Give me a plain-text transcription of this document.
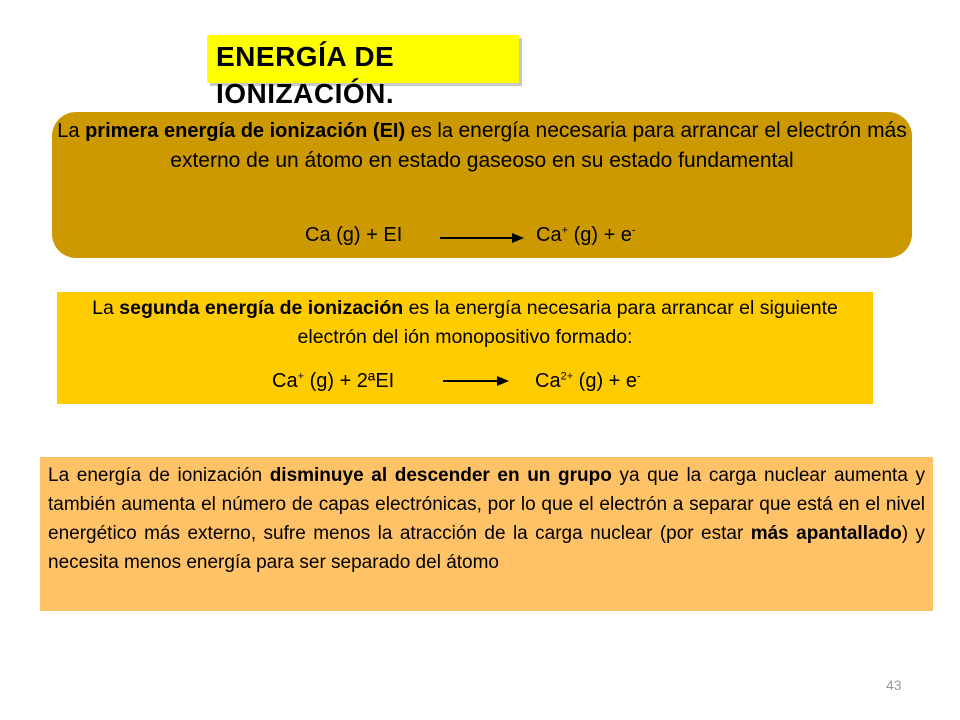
ENERGÍA DE IONIZACIÓN.
La primera energía de ionización (EI) es la energía necesaria para arrancar el electrón más externo de un átomo en estado gaseoso en su estado fundamental
Ca (g) + EI	Ca+ (g) + e-
La segunda energía de ionización es la energía necesaria para arrancar el siguiente electrón del ión monopositivo formado:
Ca+ (g) + 2ªEI	$Ca^{2+}$ (g) + e-
La energía de ionización disminuye al descender en un grupo ya que la carga nuclear aumenta y también aumenta el número de capas electrónicas, por lo que el electrón a separar que está en el nivel energético más externo, sufre menos la atracción de la carga nuclear (por estar más apantallado) y necesita menos energía para ser separado del átomo
43
